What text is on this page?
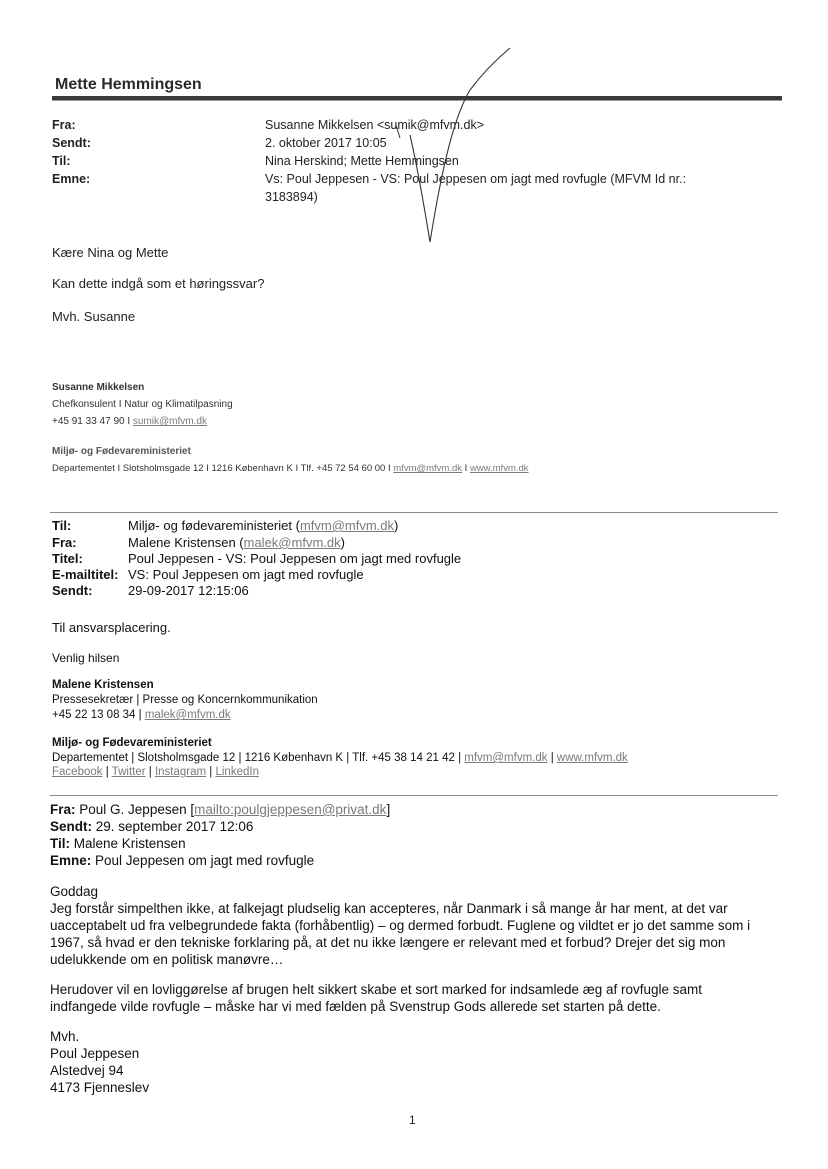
Mette Hemmingsen
Fra:	Susanne Mikkelsen <sumik@mfvm.dk>
Sendt:	2. oktober 2017 10:05
Til:	Nina Herskind; Mette Hemmingsen
Emne:	Vs: Poul Jeppesen - VS: Poul Jeppesen om jagt med rovfugle (MFVM Id nr.:
3183894)
Kære Nina og Mette
Kan dette indgå som et høringssvar?
Mvh. Susanne
Susanne Mikkelsen
Chefkonsulent I Natur og Klimatilpasning
+45 91 33 47 90 I sumik@mfvm.dk
Miljø- og Fødevareministeriet
Departementet I Slotsholmsgade 12 I 1216 København K I Tlf. +45 72 54 60 00 I mfvm@mfvm.dk I www.mfvm.dk
Til:	Miljø- og fødevareministeriet (mfvm@mfvm.dk)
Fra:	Malene Kristensen (malek@mfvm.dk)
Titel:	Poul Jeppesen - VS: Poul Jeppesen om jagt med rovfugle
E-mailtitel: VS: Poul Jeppesen om jagt med rovfugle
Sendt:	29-09-2017 12:15:06
Til ansvarsplacering.
Venlig hilsen
Malene Kristensen
Pressesekretær | Presse og Koncernkommunikation
+45 22 13 08 34 | malek@mfvm.dk
Miljø- og Fødevareministeriet
Departementet | Slotsholmsgade 12 | 1216 København K | Tlf. +45 38 14 21 42 | mfvm@mfvm.dk | www.mfvm.dk
Facebook | Twitter | Instagram | LinkedIn
Fra: Poul G. Jeppesen [mailto:poulgjeppesen@privat.dk]
Sendt: 29. september 2017 12:06
Til: Malene Kristensen
Emne: Poul Jeppesen om jagt med rovfugle
Goddag
Jeg forstår simpelthen ikke, at falkejagt pludselig kan accepteres, når Danmark i så mange år har ment, at det var
uacceptabelt ud fra velbegrundede fakta (forhåbentlig) – og dermed forbudt. Fuglene og vildtet er jo det samme som i
1967, så hvad er den tekniske forklaring på, at det nu ikke længere er relevant med et forbud? Drejer det sig mon
udelukkende om en politisk manøvre…
Herudover vil en lovliggørelse af brugen helt sikkert skabe et sort marked for indsamlede æg af rovfugle samt
indfangede vilde rovfugle – måske har vi med fælden på Svenstrup Gods allerede set starten på dette.
Mvh.
Poul Jeppesen
Alstedvej 94
4173 Fjenneslev
1
